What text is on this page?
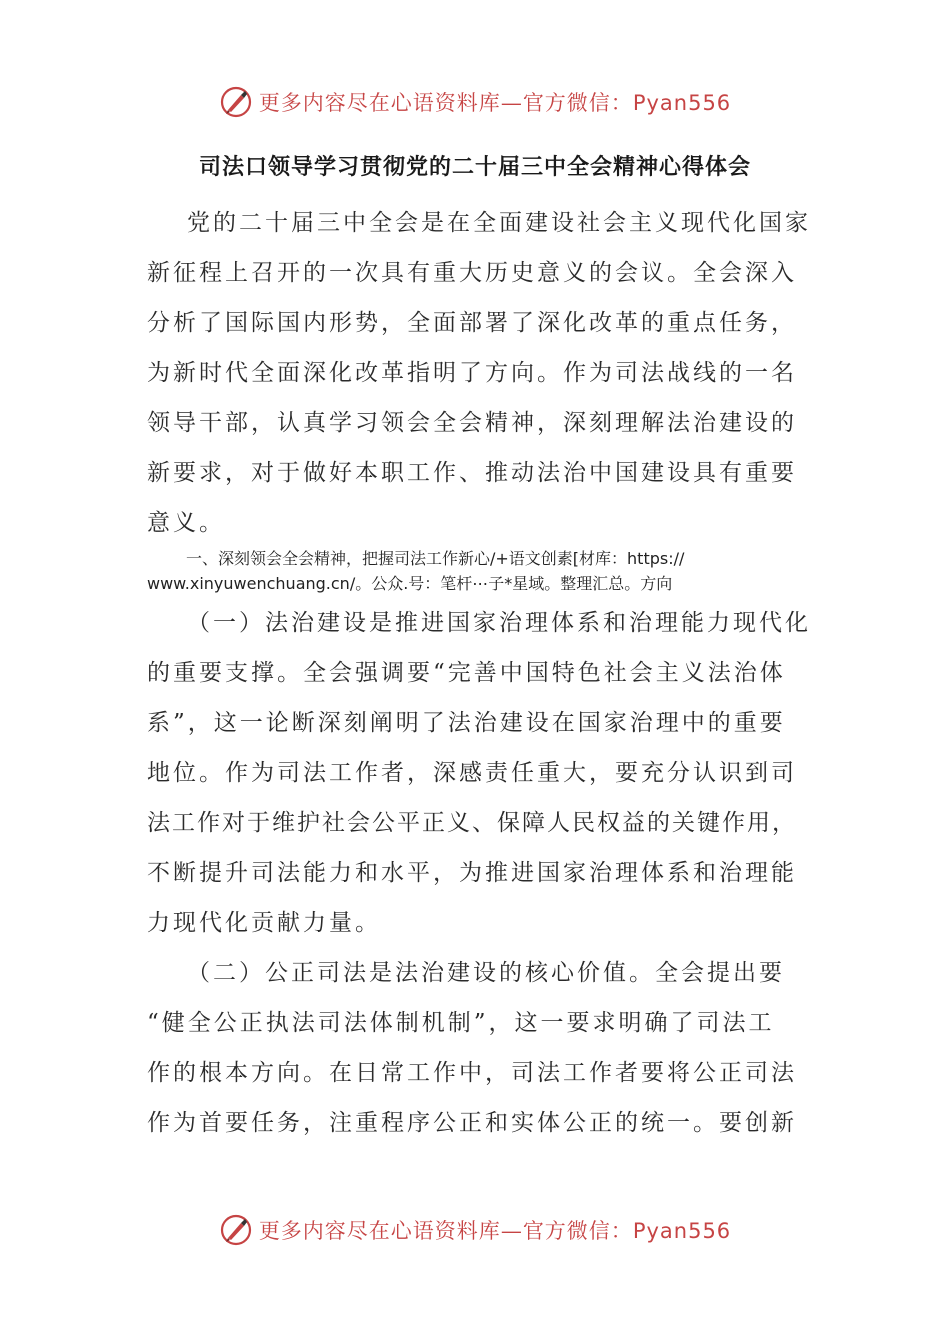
更多内容尽在心语资料库—官方微信：Pyan556
司法口领导学习贯彻党的二十届三中全会精神心得体会
党的二十届三中全会是在全面建设社会主义现代化国家
新征程上召开的一次具有重大历史意义的会议。全会深入
分析了国际国内形势，全面部署了深化改革的重点任务，
为新时代全面深化改革指明了方向。作为司法战线的一名
领导干部，认真学习领会全会精神，深刻理解法治建设的
新要求，对于做好本职工作、推动法治中国建设具有重要
意义。
一、深刻领会全会精神，把握司法工作新心/+语文创素[材库：https://
www.xinyuwenchuang.cn/。公众.号：笔杆⋯子*星域。整理汇总。方向
（一）法治建设是推进国家治理体系和治理能力现代化
的重要支撑。全会强调要“完善中国特色社会主义法治体
系”，这一论断深刻阐明了法治建设在国家治理中的重要
地位。作为司法工作者，深感责任重大，要充分认识到司
法工作对于维护社会公平正义、保障人民权益的关键作用，
不断提升司法能力和水平，为推进国家治理体系和治理能
力现代化贡献力量。
（二）公正司法是法治建设的核心价值。全会提出要
“健全公正执法司法体制机制”，这一要求明确了司法工
作的根本方向。在日常工作中，司法工作者要将公正司法
作为首要任务，注重程序公正和实体公正的统一。要创新
更多内容尽在心语资料库—官方微信：Pyan556
